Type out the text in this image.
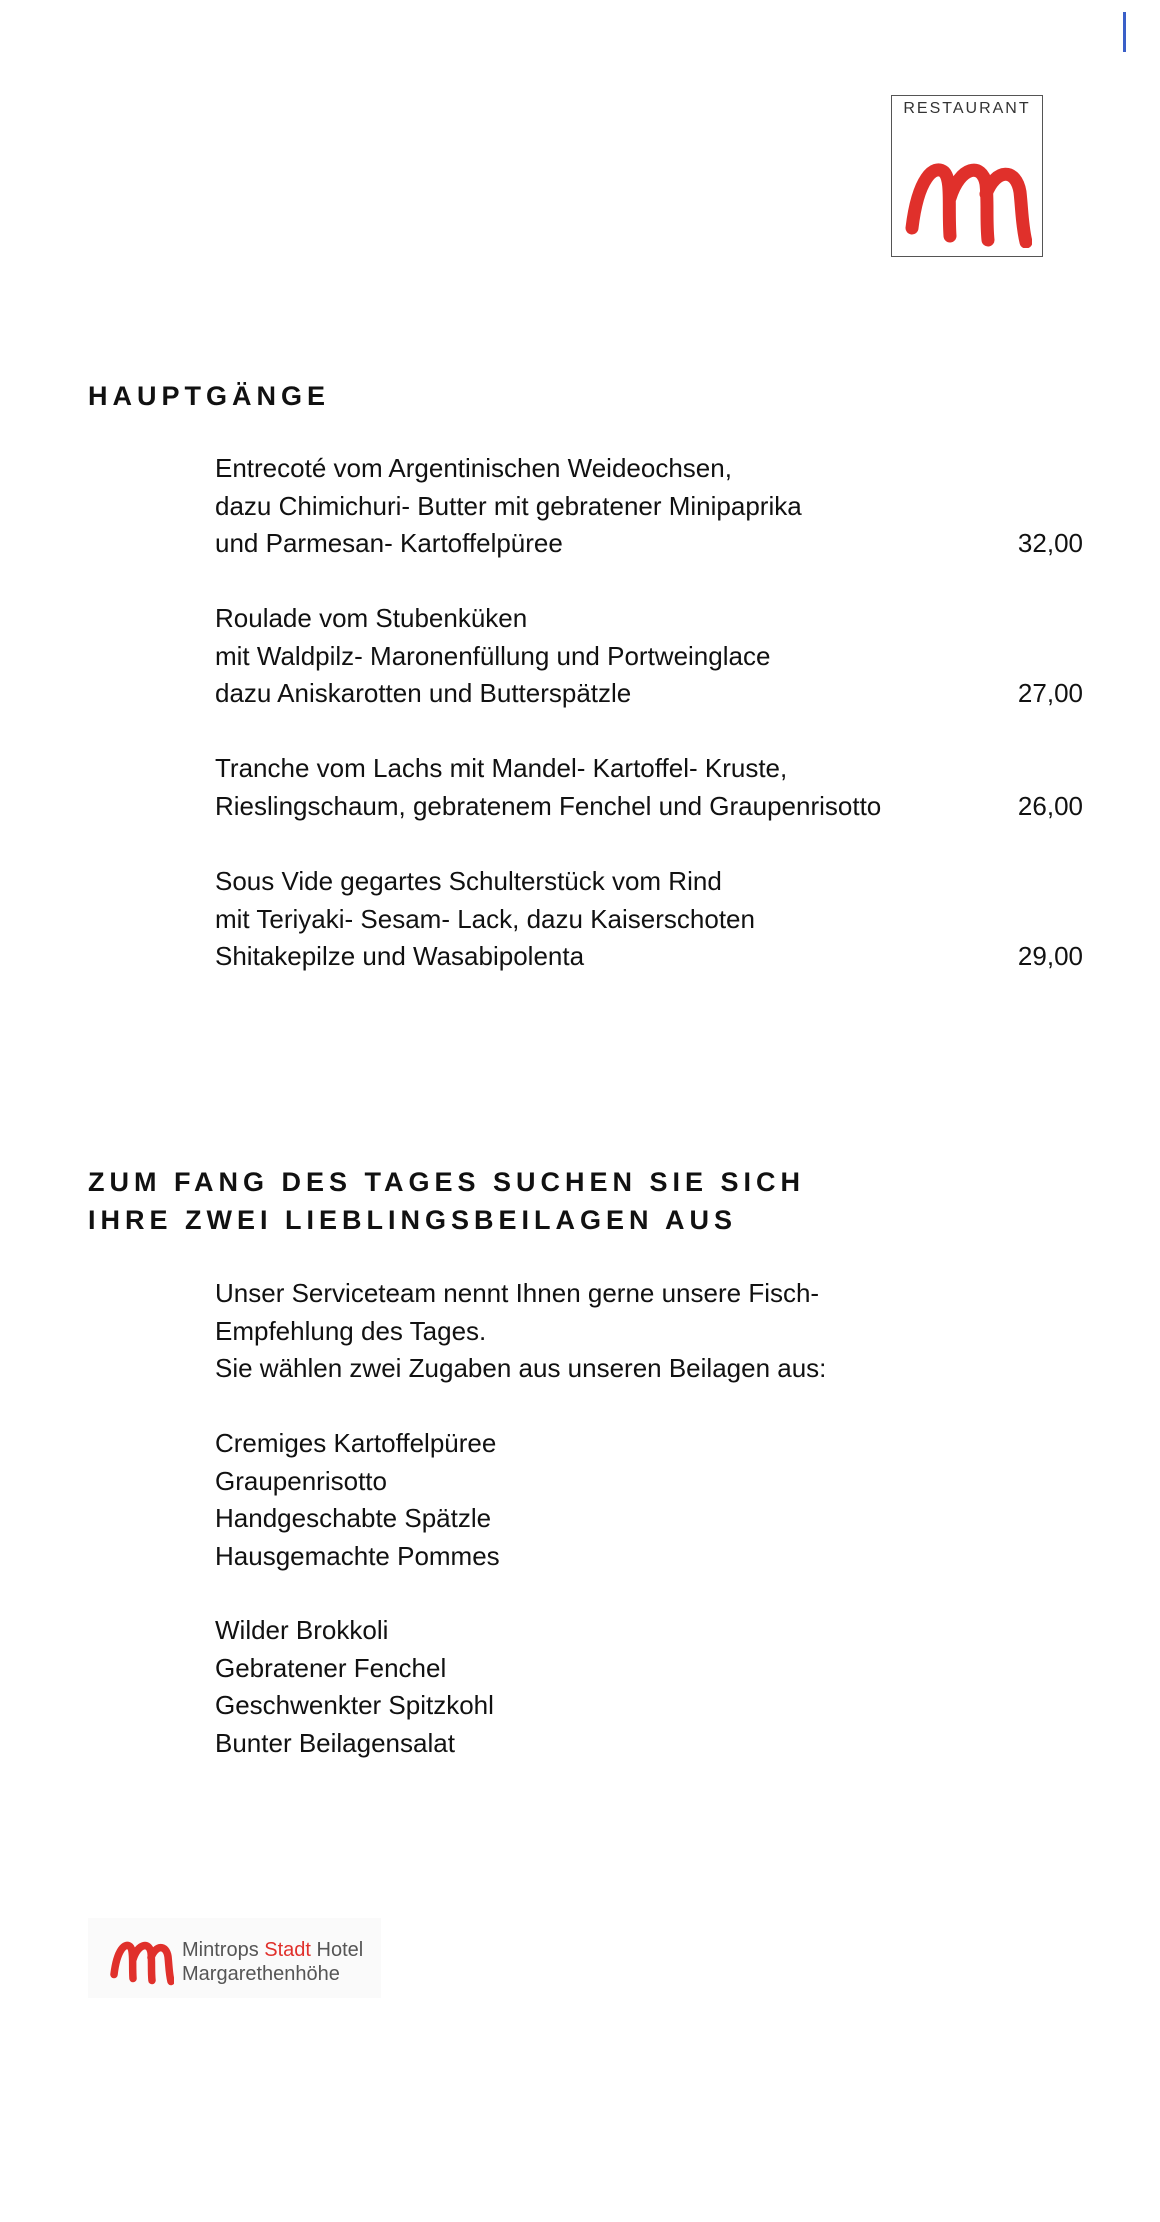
RESTAURANT
HAUPTGÄNGE
Entrecoté vom Argentinischen Weideochsen,
dazu Chimichuri- Butter mit gebratener Minipaprika
und Parmesan- Kartoffelpüree	32,00
Roulade vom Stubenküken
mit Waldpilz- Maronenfüllung und Portweinglace
dazu Aniskarotten und Butterspätzle	27,00
Tranche vom Lachs mit Mandel- Kartoffel- Kruste,
Rieslingschaum, gebratenem Fenchel und Graupenrisotto	26,00
Sous Vide gegartes Schulterstück vom Rind
mit Teriyaki- Sesam- Lack, dazu Kaiserschoten
Shitakepilze und Wasabipolenta	29,00
ZUM FANG DES TAGES SUCHEN SIE SICH
IHRE ZWEI LIEBLINGSBEILAGEN AUS
Unser Serviceteam nennt Ihnen gerne unsere Fisch-
Empfehlung des Tages.
Sie wählen zwei Zugaben aus unseren Beilagen aus:
Cremiges Kartoffelpüree
Graupenrisotto
Handgeschabte Spätzle
Hausgemachte Pommes
Wilder Brokkoli
Gebratener Fenchel
Geschwenkter Spitzkohl
Bunter Beilagensalat
Mintrops Stadt Hotel
Margarethenhöhe
